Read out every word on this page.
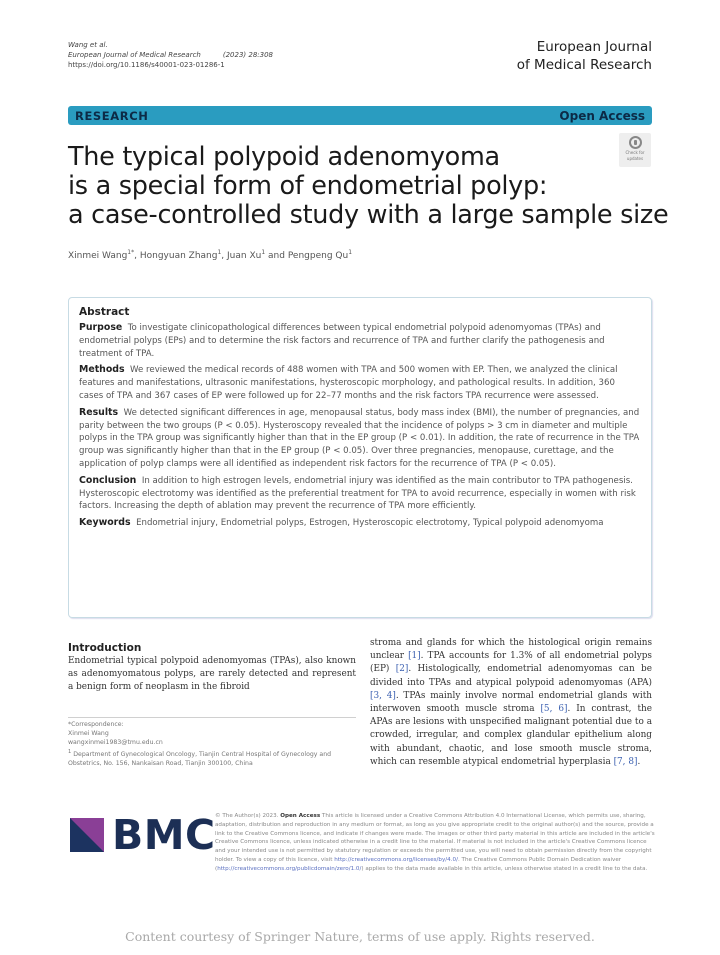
Wang et al.
European Journal of Medical Research	(2023) 28:308
https://doi.org/10.1186/s40001-023-01286-1
European Journal
of Medical Research
RESEARCH	Open Access
Check for
updates
The typical polypoid adenomyoma
is a special form of endometrial polyp:
a case-controlled study with a large sample size
Xinmei Wang$^{1*}$, Hongyuan Zhang$^1$, Juan Xu$^1$ and Pengpeng Qu$^1$
Abstract

Purpose To investigate clinicopathological differences between typical endometrial polypoid adenomyomas (TPAs) and endometrial polyps (EPs) and to determine the risk factors and recurrence of TPA and further clarify the pathogenesis and treatment of TPA.

Methods We reviewed the medical records of 488 women with TPA and 500 women with EP. Then, we analyzed the clinical features and manifestations, ultrasonic manifestations, hysteroscopic morphology, and pathological results. In addition, 360 cases of TPA and 367 cases of EP were followed up for 22–77 months and the risk factors TPA recurrence were assessed.

Results We detected significant differences in age, menopausal status, body mass index (BMI), the number of pregnancies, and parity between the two groups (P < 0.05). Hysteroscopy revealed that the incidence of polyps > 3 cm in diameter and multiple polyps in the TPA group was significantly higher than that in the EP group (P < 0.01). In addition, the rate of recurrence in the TPA group was significantly higher than that in the EP group (P < 0.05). Over three pregnancies, menopause, curettage, and the application of polyp clamps were all identified as independent risk factors for the recurrence of TPA (P < 0.05).

Conclusion In addition to high estrogen levels, endometrial injury was identified as the main contributor to TPA pathogenesis. Hysteroscopic electrotomy was identified as the preferential treatment for TPA to avoid recurrence, especially in women with risk factors. Increasing the depth of ablation may prevent the recurrence of TPA more efficiently.

Keywords Endometrial injury, Endometrial polyps, Estrogen, Hysteroscopic electrotomy, Typical polypoid adenomyoma

Introduction
Endometrial typical polypoid adenomyomas (TPAs), also known as adenomyomatous polyps, are rarely detected and represent a benign form of neoplasm in the fibroid
stroma and glands for which the histological origin remains unclear [1]. TPA accounts for 1.3% of all endometrial polyps (EP) [2]. Histologically, endometrial adenomyomas can be divided into TPAs and atypical polypoid adenomyomas (APA) [3, 4]. TPAs mainly involve normal endometrial glands with interwoven smooth muscle stroma [5, 6]. In contrast, the APAs are lesions with unspecified malignant potential due to a crowded, irregular, and complex glandular epithelium along with abundant, chaotic, and lose smooth muscle stroma, which can resemble atypical endometrial hyperplasia [7, 8].
*Correspondence:
Xinmei Wang
wangxinmei1983@tmu.edu.cn
$^1$ Department of Gynecological Oncology, Tianjin Central Hospital of Gynecology and Obstetrics, No. 156, Nankaisan Road, Tianjin 300100, China
BMC © The Author(s) 2023. Open Access This article is licensed under a Creative Commons Attribution 4.0 International License, which permits use, sharing, adaptation, distribution and reproduction in any medium or format, as long as you give appropriate credit to the original author(s) and the source, provide a link to the Creative Commons licence, and indicate if changes were made. The images or other third party material in this article are included in the article's Creative Commons licence, unless indicated otherwise in a credit line to the material. If material is not included in the article's Creative Commons licence and your intended use is not permitted by statutory regulation or exceeds the permitted use, you will need to obtain permission directly from the copyright holder. To view a copy of this licence, visit http://creativecommons.org/licenses/by/4.0/. The Creative Commons Public Domain Dedication waiver (http://creativecommons.org/publicdomain/zero/1.0/) applies to the data made available in this article, unless otherwise stated in a credit line to the data.
Content courtesy of Springer Nature, terms of use apply. Rights reserved.
